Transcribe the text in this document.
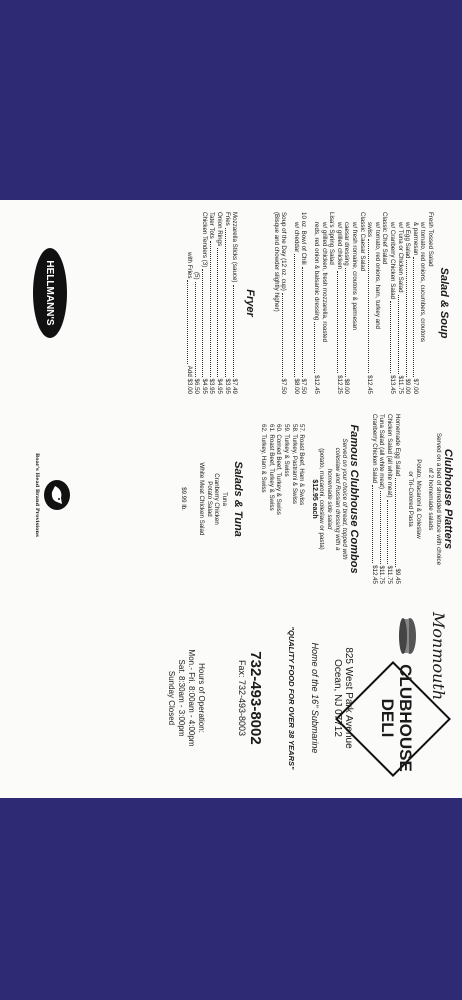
Salad & Soup

Fresh Tossed Salad
w/ tomato, red onions, cucumbers, croutons
& parmesan
$7.00
w/ Egg Salad
$9.00
w/ Tuna or Chicken Salad
$11.75
w/ Cranberry Chicken Salad
$13.45
Classic Chef Salad
w/ tomato, red onions, ham, turkey and
swiss
$12.45
Classic Caesar Salad
w/ fresh romaine, croutons & parmesan
caesar dressing
$8.00
w/ grilled chicken
$12.25
Lisa's Spring Salad
w/ grilled chicken, fresh mozzarella, roasted
reds, red onion & balsamic dressing
$12.45
10 oz. Bowl of Chili
$7.50
w/ cheddar
$8.00
Soup of the Day (12 oz. cup)
$7.50
(Bisque and chowder slightly higher)

Fryer

Mozzarella Sticks (sauce)
$7.49
Fries
$3.95
Onion Rings
$4.95
Tater Tots
$3.95
Chicken Tenders (3)
$4.95
(5)
$6.50
with Fries
Add $3.00
HELLMANN'S

Clubhouse Platters

Served on a bed of shredded lettuce with choice
of 2 homemade salads
Potato, Macaroni & Coleslaw
or Tri-Colored Pasta
Homemade Egg Salad
$9.45
Chicken Salad (all white meat)
$11.75
Tuna Salad (all white meat)
$11.75
Cranberry Chicken Salad
$12.45

Famous Clubhouse Combos

Served on your choice of bread, topped with
coleslaw and Russian dressing with a
homemade side salad
(potato, macaroni, coleslaw or pasta)
$12.95 each
57. Roast Beef, Ham & Swiss
58. Turkey, Pastrami & Swiss
59. Turkey & Swiss
60. Corned Beef, Turkey & Swiss
61. Roast Beef, Turkey & Swiss
62. Turkey, Ham & Swiss

Salads & Tuna

Tuna
Cranberry Chicken
Potato Salad
White Meat Chicken Salad
$9.99 lb.
Boar's Head Brand Provisions
Monmouth
CLUBHOUSE
DELI
825 West Park Avenue
Ocean, NJ 07712
Home of the 16" Submarine
"QUALITY FOOD FOR OVER 38 YEARS"
732-493-8002
Fax: 732-493-8003
Hours of Operation:
Mon.- Fri. 8:00am - 4:00pm
Sat. 8:30am - 3:00pm
Sunday Closed
